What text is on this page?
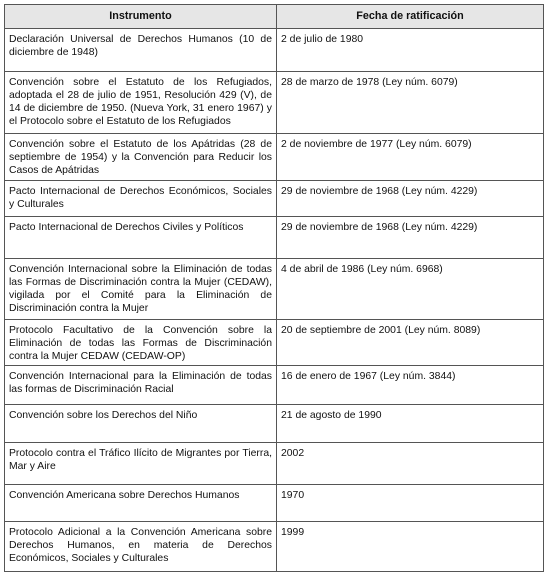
Instrumento	Fecha de ratificación
Declaración Universal de Derechos Humanos (10 de diciembre de 1948)	2 de julio de 1980
Convención sobre el Estatuto de los Refugiados, adoptada el 28 de julio de 1951, Resolución 429 (V), de 14 de diciembre de 1950. (Nueva York, 31 enero 1967) y el Protocolo sobre el Estatuto de los Refugiados	28 de marzo de 1978 (Ley núm. 6079)
Convención sobre el Estatuto de los Apátridas (28 de septiembre de 1954) y la Convención para Reducir los Casos de Apátridas	2 de noviembre de 1977 (Ley núm. 6079)
Pacto Internacional de Derechos Económicos, Sociales y Culturales	29 de noviembre de 1968 (Ley núm. 4229)
Pacto Internacional de Derechos Civiles y Políticos	29 de noviembre de 1968 (Ley núm. 4229)
Convención Internacional sobre la Eliminación de todas las Formas de Discriminación contra la Mujer (CEDAW), vigilada por el Comité para la Eliminación de Discriminación contra la Mujer	4 de abril de 1986 (Ley núm. 6968)
Protocolo Facultativo de la Convención sobre la Eliminación de todas las Formas de Discriminación contra la Mujer CEDAW (CEDAW-OP)	20 de septiembre de 2001 (Ley núm. 8089)
Convención Internacional para la Eliminación de todas las formas de Discriminación Racial	16 de enero de 1967 (Ley núm. 3844)
Convención sobre los Derechos del Niño	21 de agosto de 1990
Protocolo contra el Tráfico Ilícito de Migrantes por Tierra, Mar y Aire	2002
Convención Americana sobre Derechos Humanos	1970
Protocolo Adicional a la Convención Americana sobre Derechos Humanos, en materia de Derechos Económicos, Sociales y Culturales	1999
